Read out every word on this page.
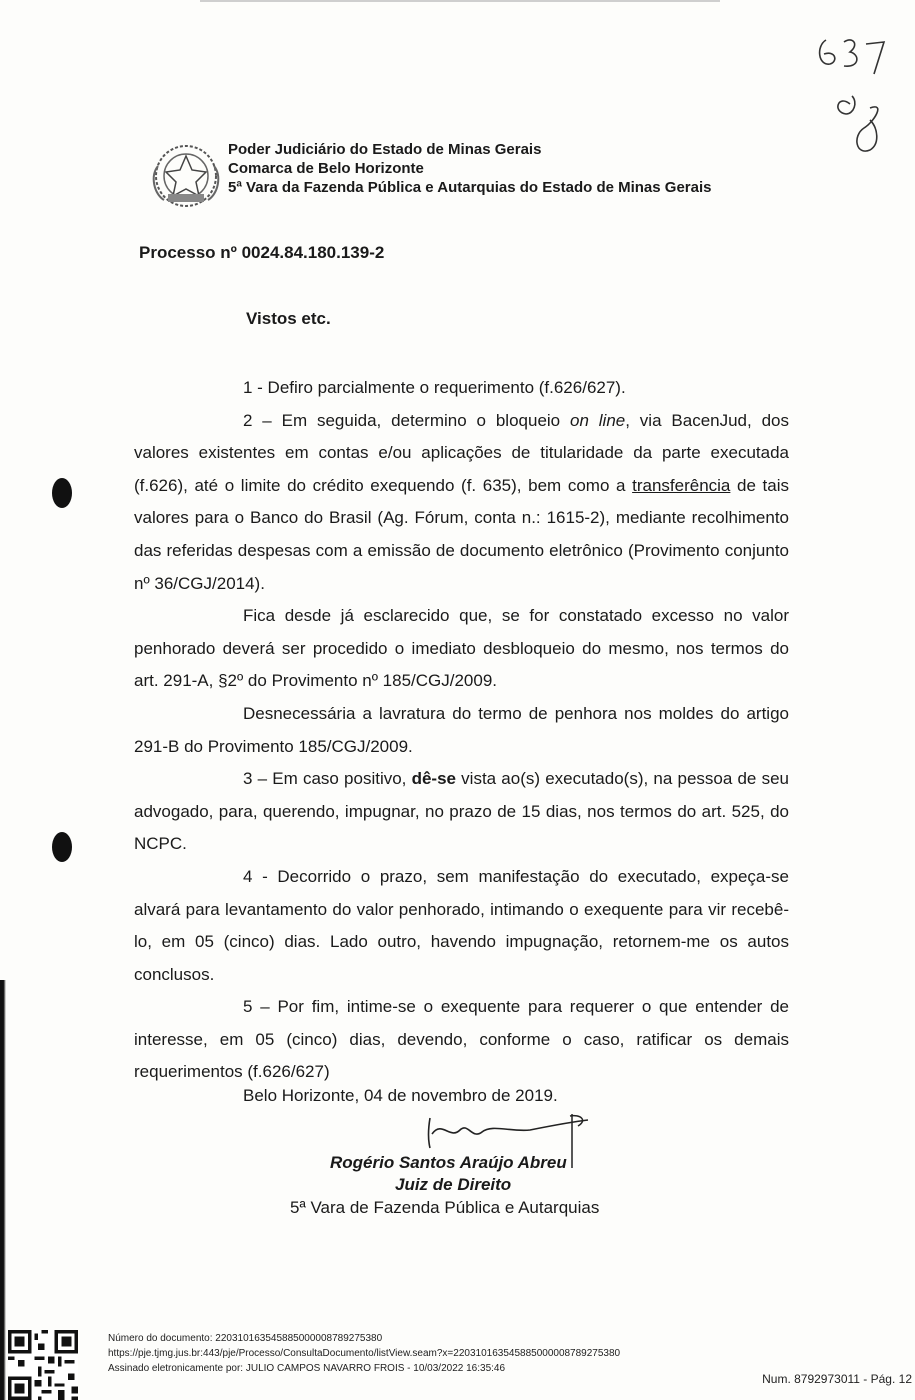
Poder Judiciário do Estado de Minas Gerais
Comarca de Belo Horizonte
5ª Vara da Fazenda Pública e Autarquias do Estado de Minas Gerais
Processo nº 0024.84.180.139-2
Vistos etc.

1 - Defiro parcialmente o requerimento (f.626/627).

2 – Em seguida, determino o bloqueio on line, via BacenJud, dos valores existentes em contas e/ou aplicações de titularidade da parte executada (f.626), até o limite do crédito exequendo (f. 635), bem como a transferência de tais valores para o Banco do Brasil (Ag. Fórum, conta n.: 1615-2), mediante recolhimento das referidas despesas com a emissão de documento eletrônico (Provimento conjunto nº 36/CGJ/2014).

Fica desde já esclarecido que, se for constatado excesso no valor penhorado deverá ser procedido o imediato desbloqueio do mesmo, nos termos do art. 291-A, §2º do Provimento nº 185/CGJ/2009.

Desnecessária a lavratura do termo de penhora nos moldes do artigo 291-B do Provimento 185/CGJ/2009.

3 – Em caso positivo, dê-se vista ao(s) executado(s), na pessoa de seu advogado, para, querendo, impugnar, no prazo de 15 dias, nos termos do art. 525, do NCPC.

4 - Decorrido o prazo, sem manifestação do executado, expeça-se alvará para levantamento do valor penhorado, intimando o exequente para vir recebê-lo, em 05 (cinco) dias. Lado outro, havendo impugnação, retornem-me os autos conclusos.

5 – Por fim, intime-se o exequente para requerer o que entender de interesse, em 05 (cinco) dias, devendo, conforme o caso, ratificar os demais requerimentos (f.626/627)

Belo Horizonte, 04 de novembro de 2019.
Rogério Santos Araújo Abreu
Juiz de Direito
5ª Vara de Fazenda Pública e Autarquias
Número do documento: 22031016354588500000878927538​0
https://pje.tjmg.jus.br:443/pje/Processo/ConsultaDocumento/listView.seam?x=22031016354588500000878927538​0
Assinado eletronicamente por: JULIO CAMPOS NAVARRO FROIS - 10/03/2022 16:35:46
Num. 8792973011 - Pág. 12
